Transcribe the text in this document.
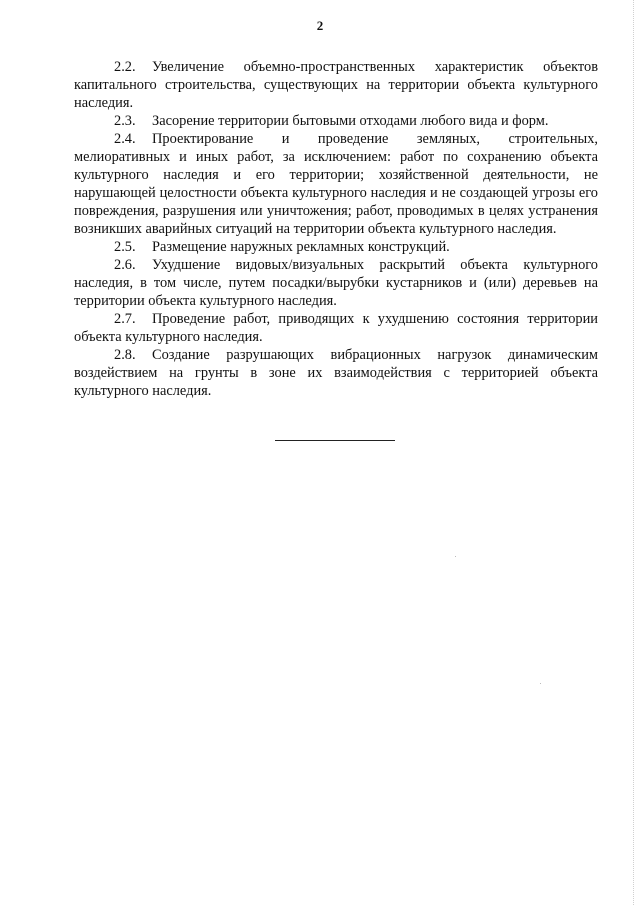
2

2.2. Увеличение объемно-пространственных характеристик объектов капитального строительства, существующих на территории объекта культурного наследия.

2.3. Засорение территории бытовыми отходами любого вида и форм.

2.4. Проектирование и проведение земляных, строительных, мелиоративных и иных работ, за исключением: работ по сохранению объекта культурного наследия и его территории; хозяйственной деятельности, не нарушающей целостности объекта культурного наследия и не создающей угрозы его повреждения, разрушения или уничтожения; работ, проводимых в целях устранения возникших аварийных ситуаций на территории объекта культурного наследия.

2.5. Размещение наружных рекламных конструкций.

2.6. Ухудшение видовых/визуальных раскрытий объекта культурного наследия, в том числе, путем посадки/вырубки кустарников и (или) деревьев на территории объекта культурного наследия.

2.7. Проведение работ, приводящих к ухудшению состояния территории объекта культурного наследия.

2.8. Создание разрушающих вибрационных нагрузок динамическим воздействием на грунты в зоне их взаимодействия с территорией объекта культурного наследия.
